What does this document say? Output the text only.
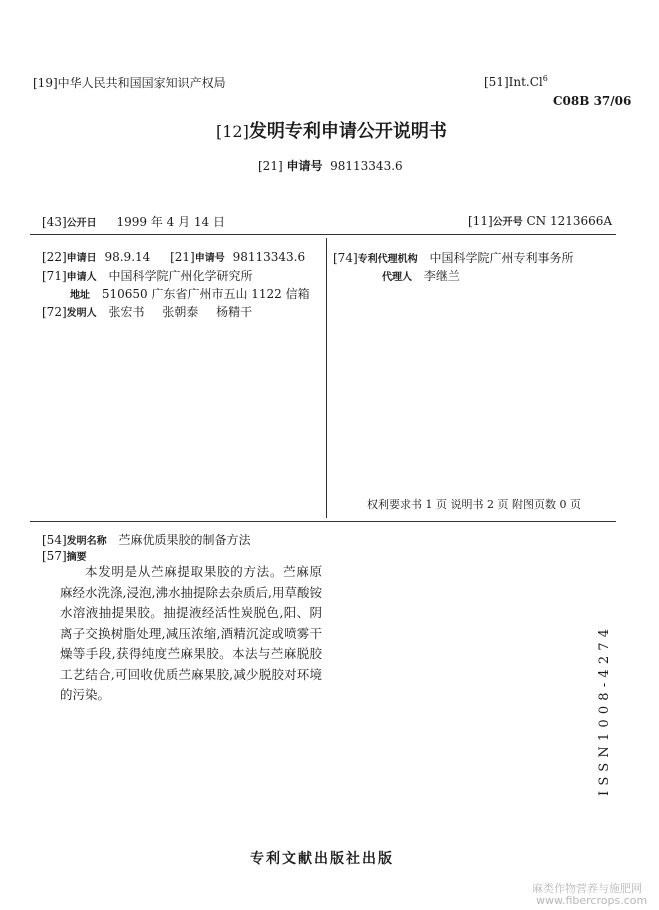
[19]中华人民共和国国家知识产权局	[51]Int.Cl$^6$
C08B 37/06
[12]发明专利申请公开说明书
[21] 申请号 98113343.6
[43]公开日 1999 年 4 月 14 日	[11]公开号 CN 1213666A
[22]申请日 98.9.14 [21]申请号 98113343.6
[71]申请人 中国科学院广州化学研究所
地址 510650 广东省广州市五山 1122 信箱
[72]发明人 张宏书 张朝泰 杨精干
[74]专利代理机构 中国科学院广州专利事务所
代理人 李继兰
权利要求书 1 页 说明书 2 页 附图页数 0 页
[54]发明名称 苎麻优质果胶的制备方法
[57]摘要
本发明是从苎麻提取果胶的方法。苎麻原麻经水洗涤,浸泡,沸水抽提除去杂质后,用草酸铵水溶液抽提果胶。抽提液经活性炭脱色,阳、阴离子交换树脂处理,减压浓缩,酒精沉淀或喷雾干燥等手段,获得纯度苎麻果胶。本法与苎麻脱胶工艺结合,可回收优质苎麻果胶,减少脱胶对环境的污染。	ISSN1008-4274
专利文献出版社出版
麻类作物营养与施肥网
www.fibercrops.com
